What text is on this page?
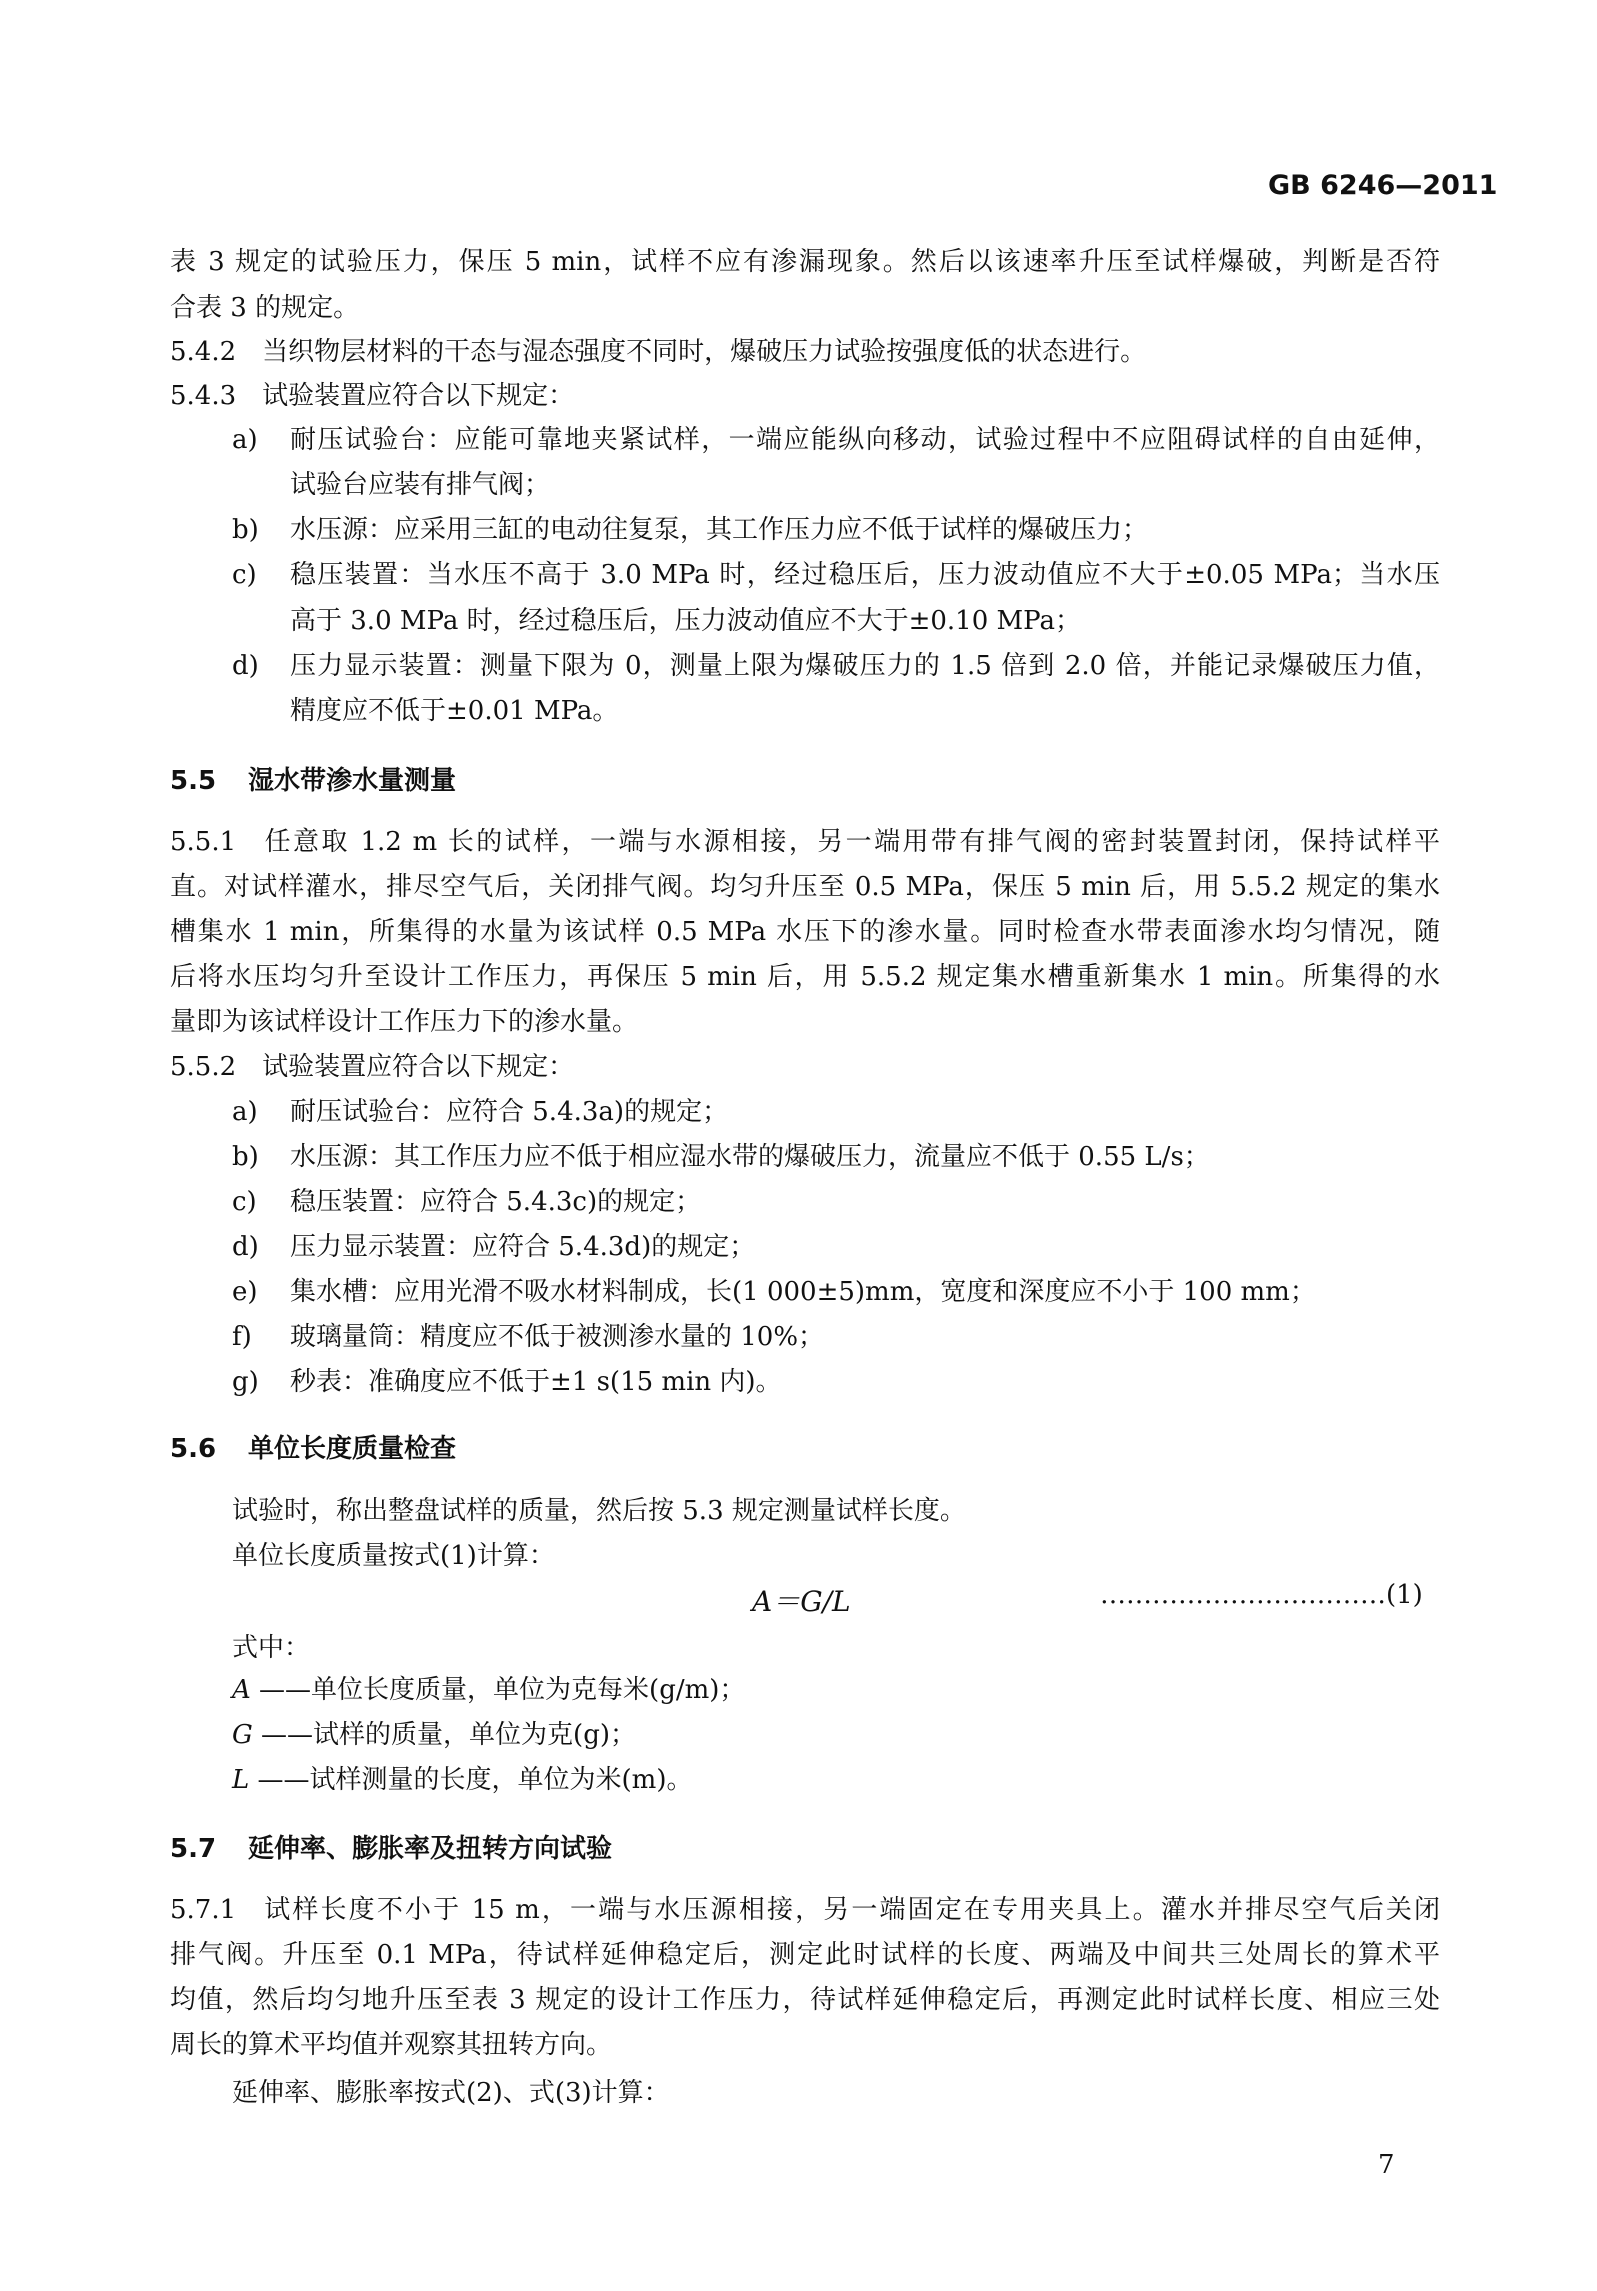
GB 6246—2011
表 3 规定的试验压力，保压 5 min，试样不应有渗漏现象。然后以该速率升压至试样爆破，判断是否符
合表 3 的规定。
5.4.2 当织物层材料的干态与湿态强度不同时，爆破压力试验按强度低的状态进行。
5.4.3 试验装置应符合以下规定：
a) 耐压试验台：应能可靠地夹紧试样，一端应能纵向移动，试验过程中不应阻碍试样的自由延伸，
试验台应装有排气阀；
b) 水压源：应采用三缸的电动往复泵，其工作压力应不低于试样的爆破压力；
c) 稳压装置：当水压不高于 3.0 MPa 时，经过稳压后，压力波动值应不大于±0.05 MPa；当水压
高于 3.0 MPa 时，经过稳压后，压力波动值应不大于±0.10 MPa；
d) 压力显示装置：测量下限为 0，测量上限为爆破压力的 1.5 倍到 2.0 倍，并能记录爆破压力值，
精度应不低于±0.01 MPa。
5.5 湿水带渗水量测量
5.5.1 任意取 1.2 m 长的试样，一端与水源相接，另一端用带有排气阀的密封装置封闭，保持试样平
直。对试样灌水，排尽空气后，关闭排气阀。均匀升压至 0.5 MPa，保压 5 min 后，用 5.5.2 规定的集水
槽集水 1 min，所集得的水量为该试样 0.5 MPa 水压下的渗水量。同时检查水带表面渗水均匀情况，随
后将水压均匀升至设计工作压力，再保压 5 min 后，用 5.5.2 规定集水槽重新集水 1 min。所集得的水
量即为该试样设计工作压力下的渗水量。
5.5.2 试验装置应符合以下规定：
a) 耐压试验台：应符合 5.4.3a)的规定；
b) 水压源：其工作压力应不低于相应湿水带的爆破压力，流量应不低于 0.55 L/s；
c) 稳压装置：应符合 5.4.3c)的规定；
d) 压力显示装置：应符合 5.4.3d)的规定；
e) 集水槽：应用光滑不吸水材料制成，长(1 000±5)mm，宽度和深度应不小于 100 mm；
f) 玻璃量筒：精度应不低于被测渗水量的 10%；
g) 秒表：准确度应不低于±1 s(15 min 内)。
5.6 单位长度质量检查
试验时，称出整盘试样的质量，然后按 5.3 规定测量试样长度。
单位长度质量按式(1)计算：
A＝G/L	……………………………(1)
式中：
A ——单位长度质量，单位为克每米(g/m)；
G ——试样的质量，单位为克(g)；
L ——试样测量的长度，单位为米(m)。
5.7 延伸率、膨胀率及扭转方向试验
5.7.1 试样长度不小于 15 m，一端与水压源相接，另一端固定在专用夹具上。灌水并排尽空气后关闭
排气阀。升压至 0.1 MPa，待试样延伸稳定后，测定此时试样的长度、两端及中间共三处周长的算术平
均值，然后均匀地升压至表 3 规定的设计工作压力，待试样延伸稳定后，再测定此时试样长度、相应三处
周长的算术平均值并观察其扭转方向。
延伸率、膨胀率按式(2)、式(3)计算：
7
